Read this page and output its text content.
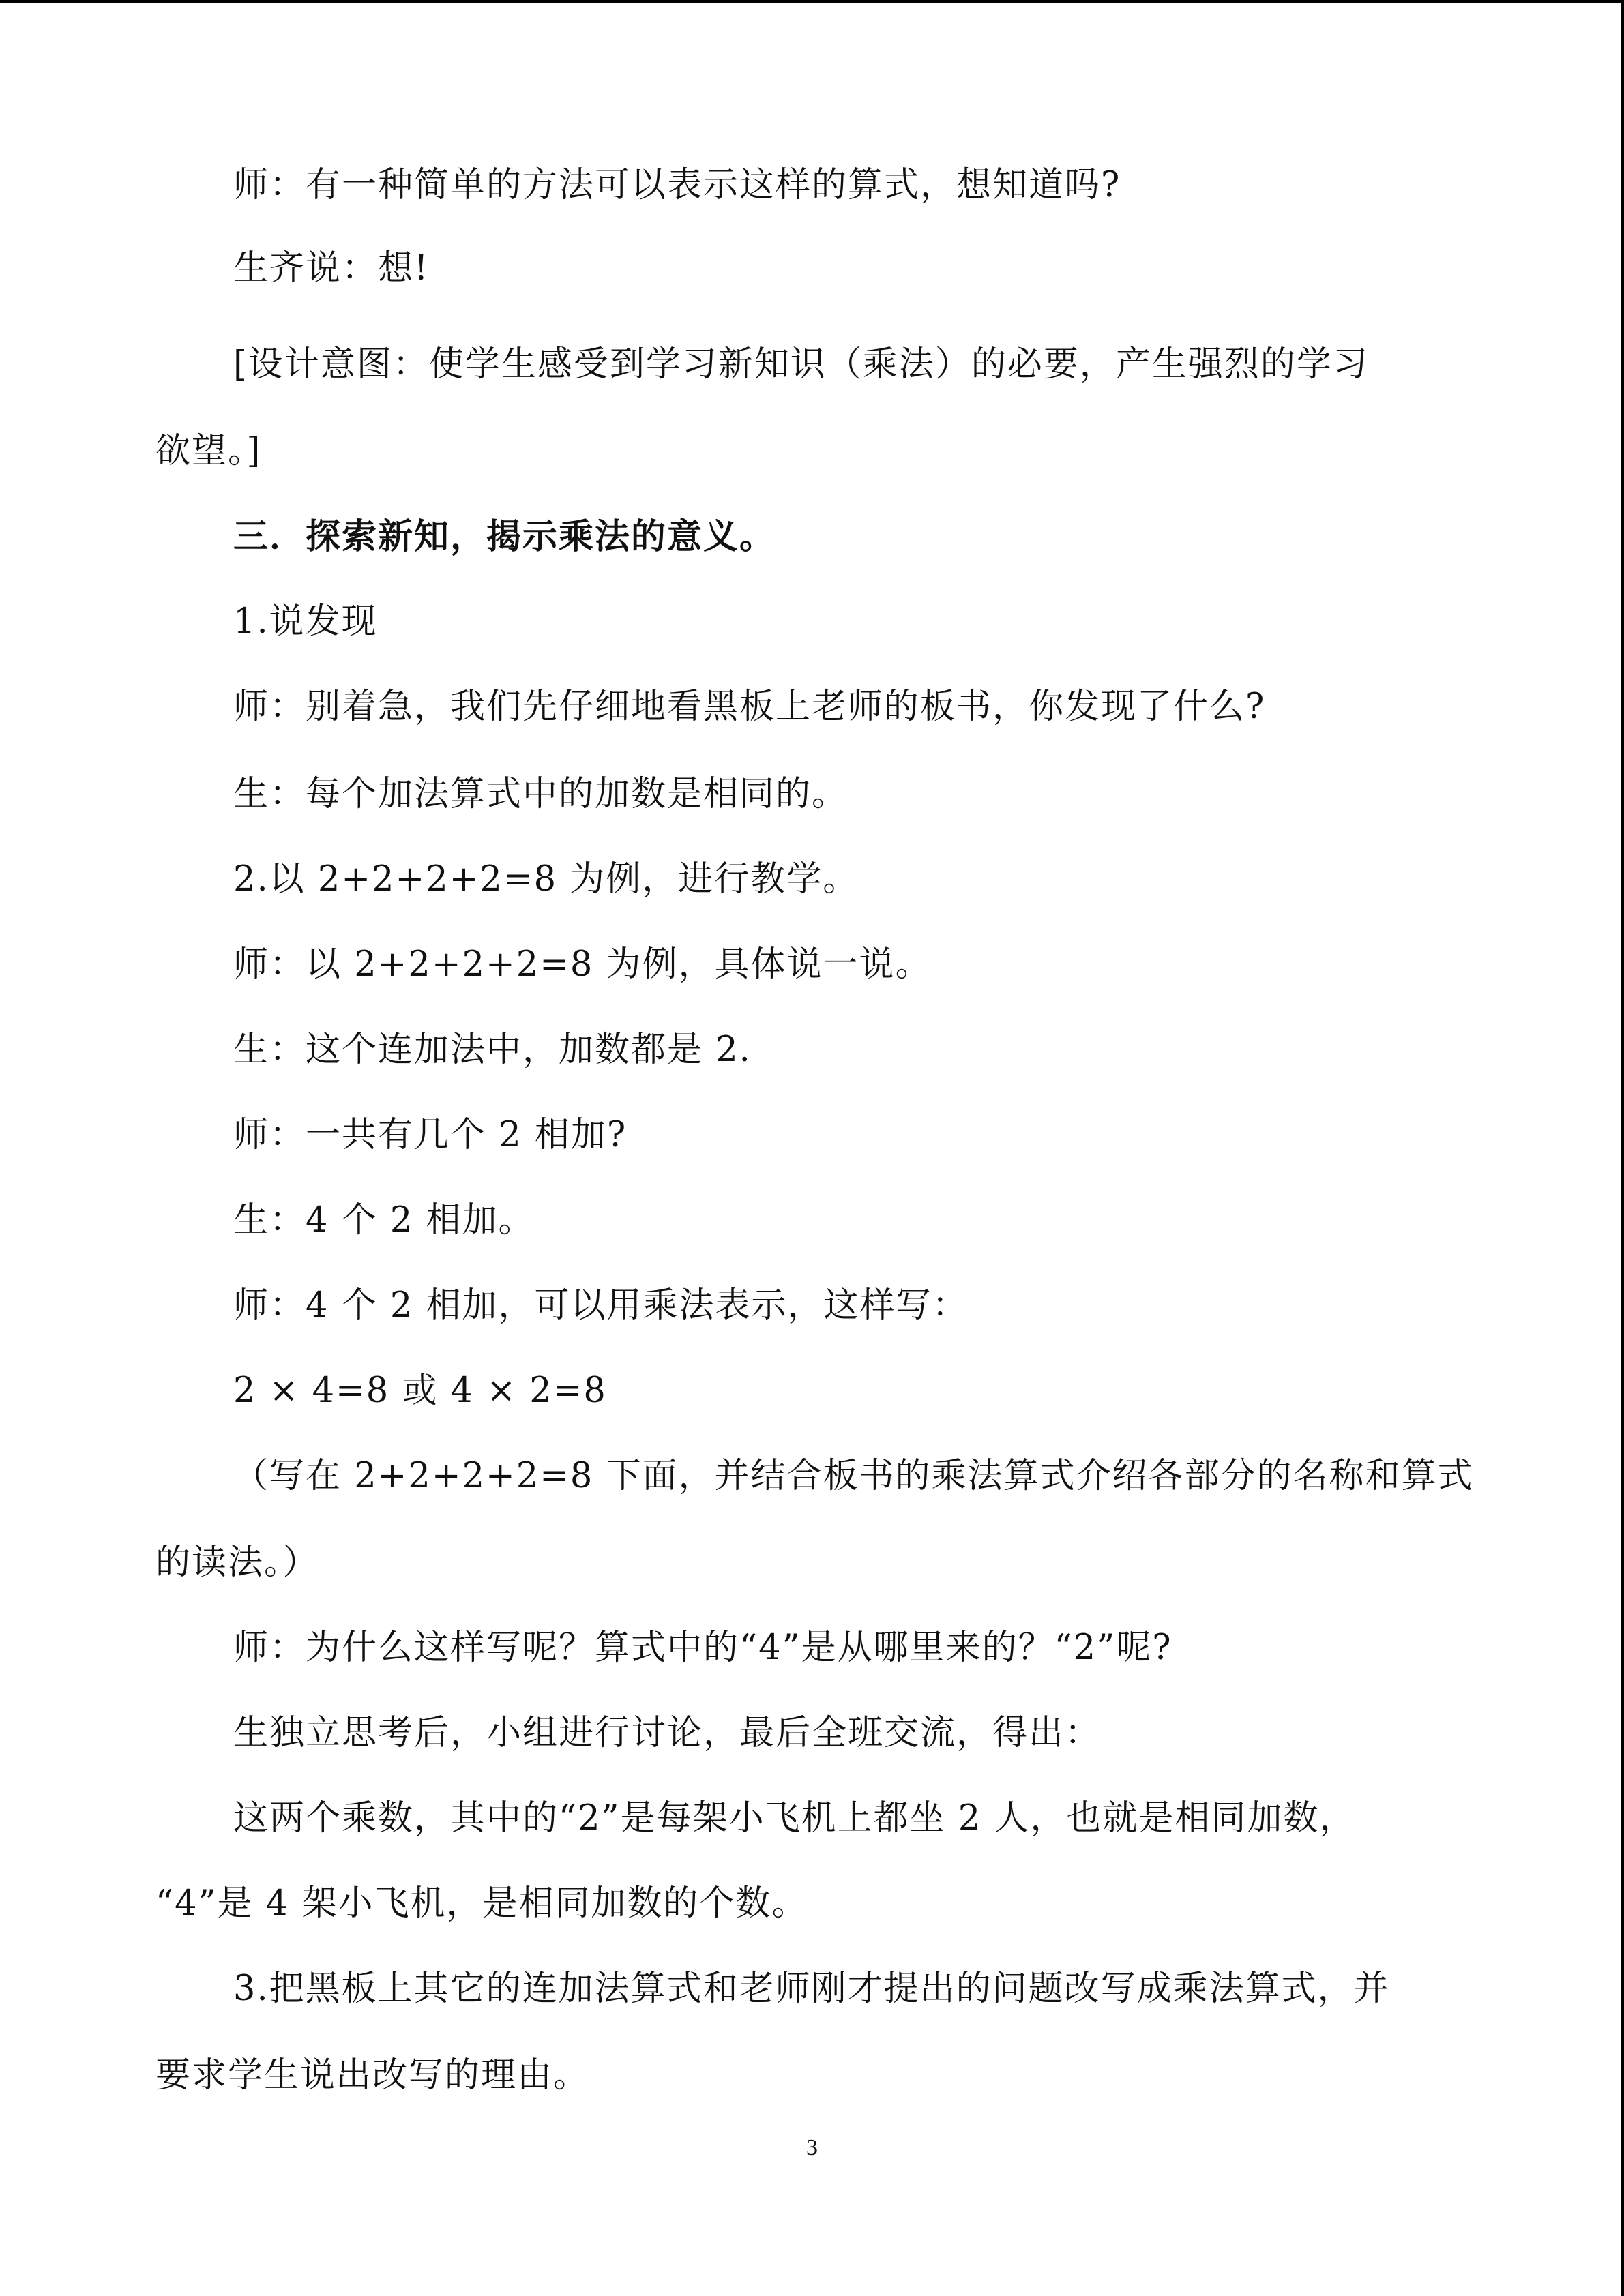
师：有一种简单的方法可以表示这样的算式，想知道吗?
生齐说：想!
[设计意图：使学生感受到学习新知识（乘法）的必要，产生强烈的学习
欲望。]
三．探索新知，揭示乘法的意义。
1.说发现
师：别着急，我们先仔细地看黑板上老师的板书，你发现了什么?
生：每个加法算式中的加数是相同的。
2.以 2+2+2+2=8 为例，进行教学。
师：以 2+2+2+2=8 为例，具体说一说。
生：这个连加法中，加数都是 2.
师：一共有几个 2 相加?
生：4 个 2 相加。
师：4 个 2 相加，可以用乘法表示，这样写：
2 × 4=8 或 4 × 2=8
（写在 2+2+2+2=8 下面，并结合板书的乘法算式介绍各部分的名称和算式
的读法。）
师：为什么这样写呢？算式中的“4”是从哪里来的？“2”呢?
生独立思考后，小组进行讨论，最后全班交流，得出：
这两个乘数，其中的“2”是每架小飞机上都坐 2 人，也就是相同加数，
“4”是 4 架小飞机，是相同加数的个数。
3.把黑板上其它的连加法算式和老师刚才提出的问题改写成乘法算式，并
要求学生说出改写的理由。
3
